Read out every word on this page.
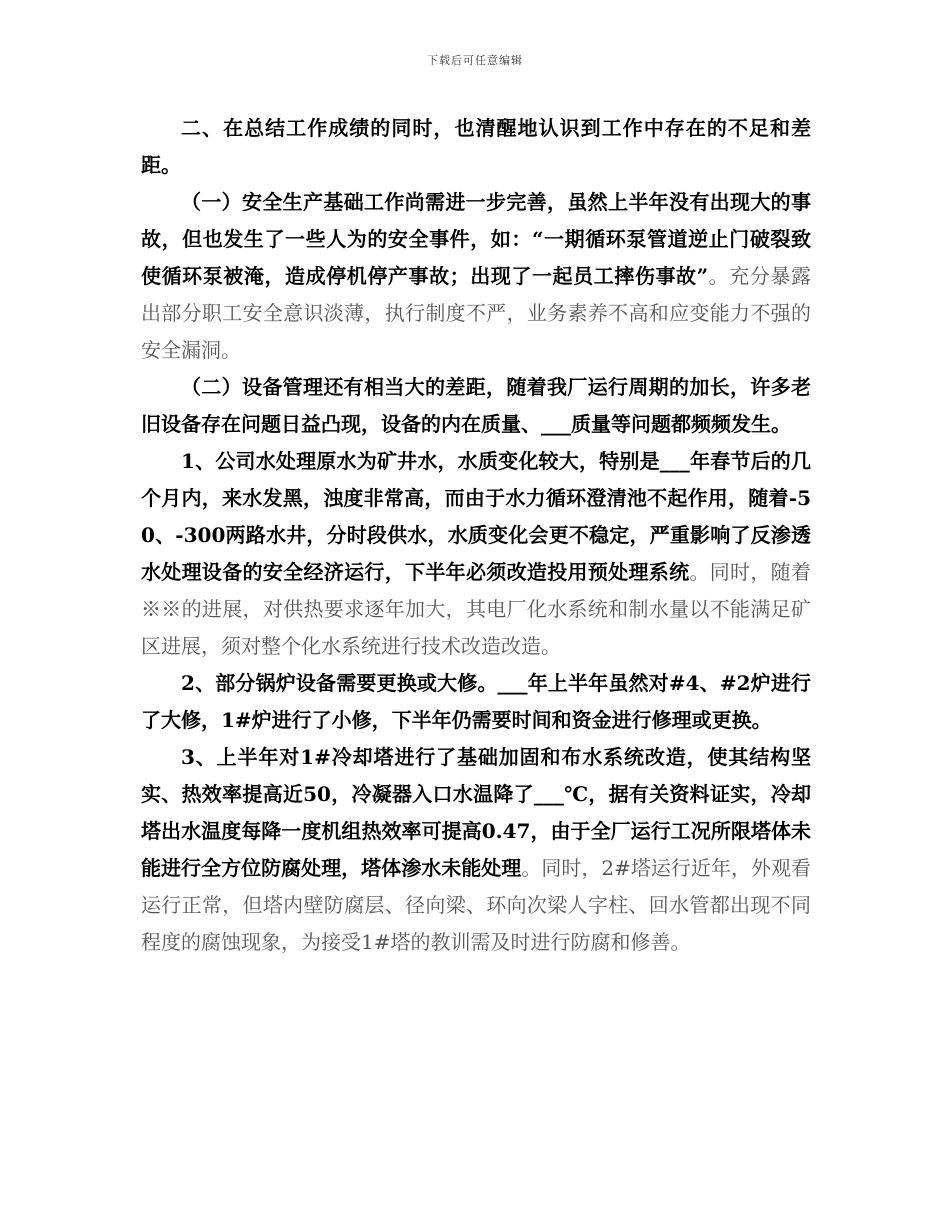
下载后可任意编辑

二、在总结工作成绩的同时，也清醒地认识到工作中存在的不足和差距。

（一）安全生产基础工作尚需进一步完善，虽然上半年没有出现大的事故，但也发生了一些人为的安全事件，如：“一期循环泵管道逆止门破裂致使循环泵被淹，造成停机停产事故；出现了一起员工摔伤事故”。充分暴露出部分职工安全意识淡薄，执行制度不严，业务素养不高和应变能力不强的安全漏洞。

（二）设备管理还有相当大的差距，随着我厂运行周期的加长，许多老旧设备存在问题日益凸现，设备的内在质量、___质量等问题都频频发生。

1、公司水处理原水为矿井水，水质变化较大，特别是___年春节后的几个月内，来水发黑，浊度非常高，而由于水力循环澄清池不起作用，随着-50、-300两路水井，分时段供水，水质变化会更不稳定，严重影响了反渗透水处理设备的安全经济运行，下半年必须改造投用预处理系统。同时，随着※※的进展，对供热要求逐年加大，其电厂化水系统和制水量以不能满足矿区进展，须对整个化水系统进行技术改造改造。

2、部分锅炉设备需要更换或大修。___年上半年虽然对#4、#2炉进行了大修，1#炉进行了小修，下半年仍需要时间和资金进行修理或更换。

3、上半年对1#冷却塔进行了基础加固和布水系统改造，使其结构坚实、热效率提高近50，冷凝器入口水温降了___℃，据有关资料证实，冷却塔出水温度每降一度机组热效率可提高0.47，由于全厂运行工况所限塔体未能进行全方位防腐处理，塔体渗水未能处理。同时，2#塔运行近年，外观看运行正常，但塔内壁防腐层、径向梁、环向次梁人字柱、回水管都出现不同程度的腐蚀现象，为接受1#塔的教训需及时进行防腐和修善。
